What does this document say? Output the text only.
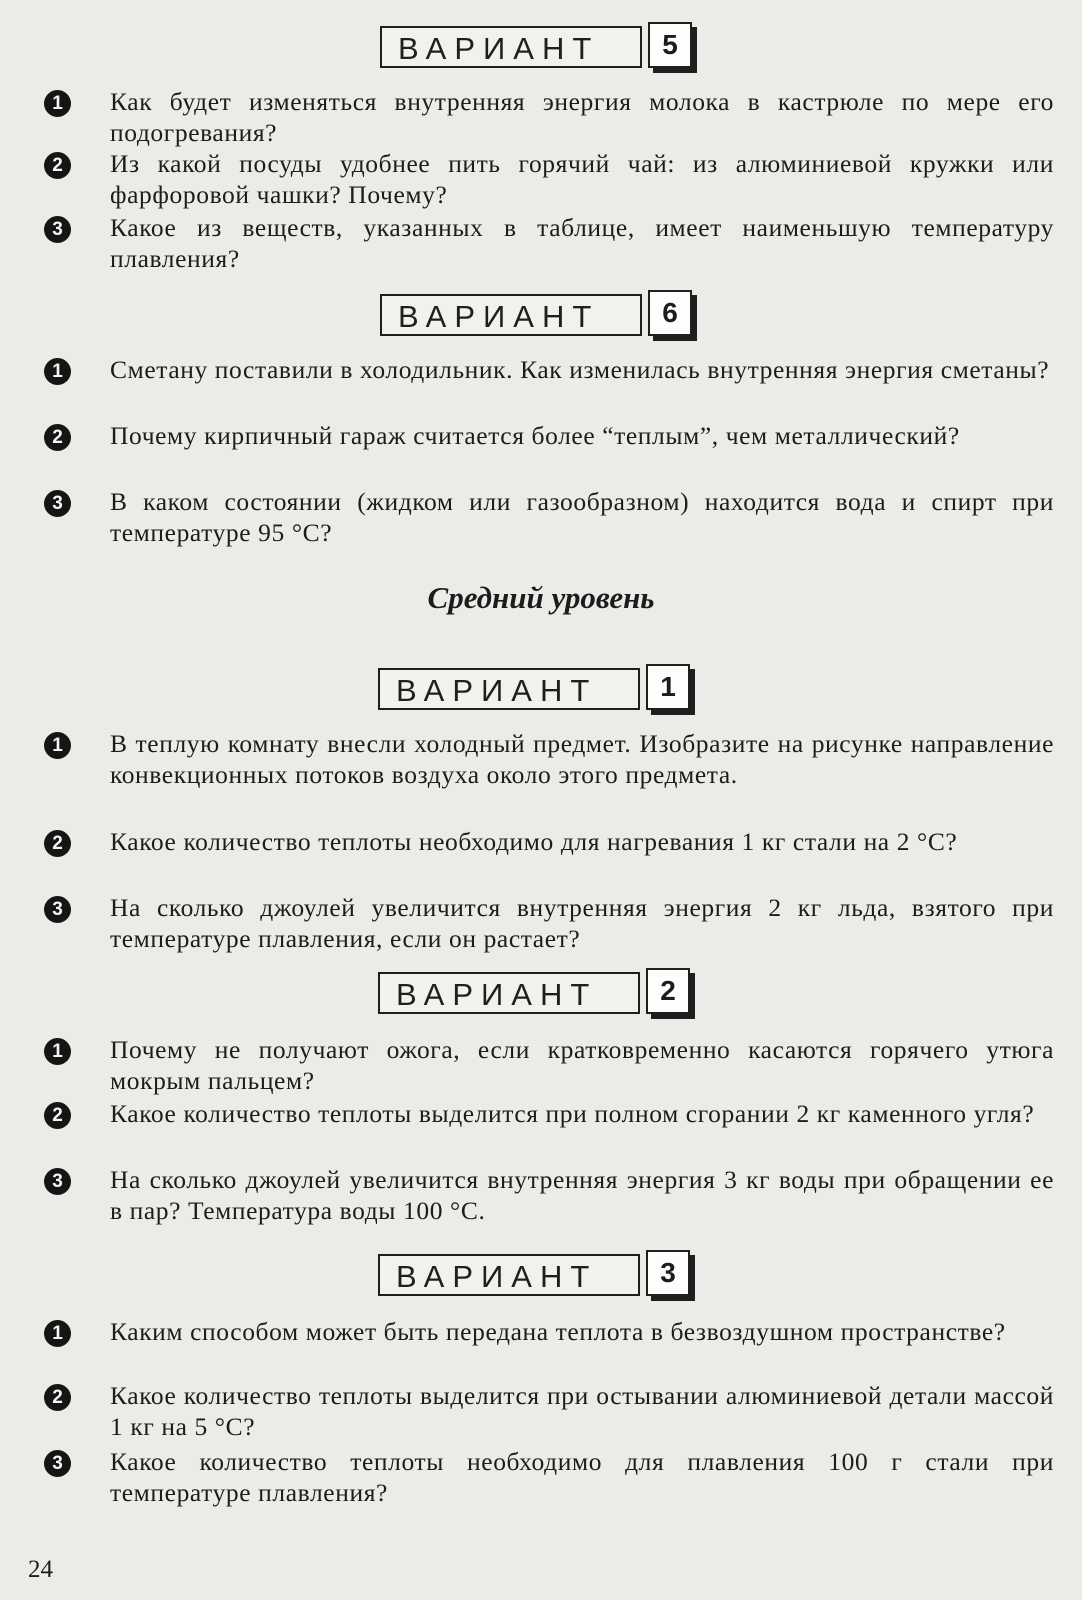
ВАРИАНТ	5
1	Как будет изменяться внутренняя энергия молока в кастрюле по мере его подогревания?
2	Из какой посуды удобнее пить горячий чай: из алюминиевой кружки или фарфоровой чашки? Почему?
3	Какое из веществ, указанных в таблице, имеет наименьшую температуру плавления?
ВАРИАНТ	6
1	Сметану поставили в холодильник. Как изменилась внутренняя энергия сметаны?
2	Почему кирпичный гараж считается более “теплым”, чем металлический?
3	В каком состоянии (жидком или газообразном) находится вода и спирт при температуре 95 °C?
Средний уровень
ВАРИАНТ	1
1	В теплую комнату внесли холодный предмет. Изобразите на рисунке направление конвекционных потоков воздуха около этого предмета.
2	Какое количество теплоты необходимо для нагревания 1 кг стали на 2 °C?
3	На сколько джоулей увеличится внутренняя энергия 2 кг льда, взятого при температуре плавления, если он растает?
ВАРИАНТ	2
1	Почему не получают ожога, если кратковременно касаются горячего утюга мокрым пальцем?
2	Какое количество теплоты выделится при полном сгорании 2 кг каменного угля?
3	На сколько джоулей увеличится внутренняя энергия 3 кг воды при обращении ее в пар? Температура воды 100 °C.
ВАРИАНТ	3
1	Каким способом может быть передана теплота в безвоздушном пространстве?
2	Какое количество теплоты выделится при остывании алюминиевой детали массой 1 кг на 5 °C?
3	Какое количество теплоты необходимо для плавления 100 г стали при температуре плавления?
24
